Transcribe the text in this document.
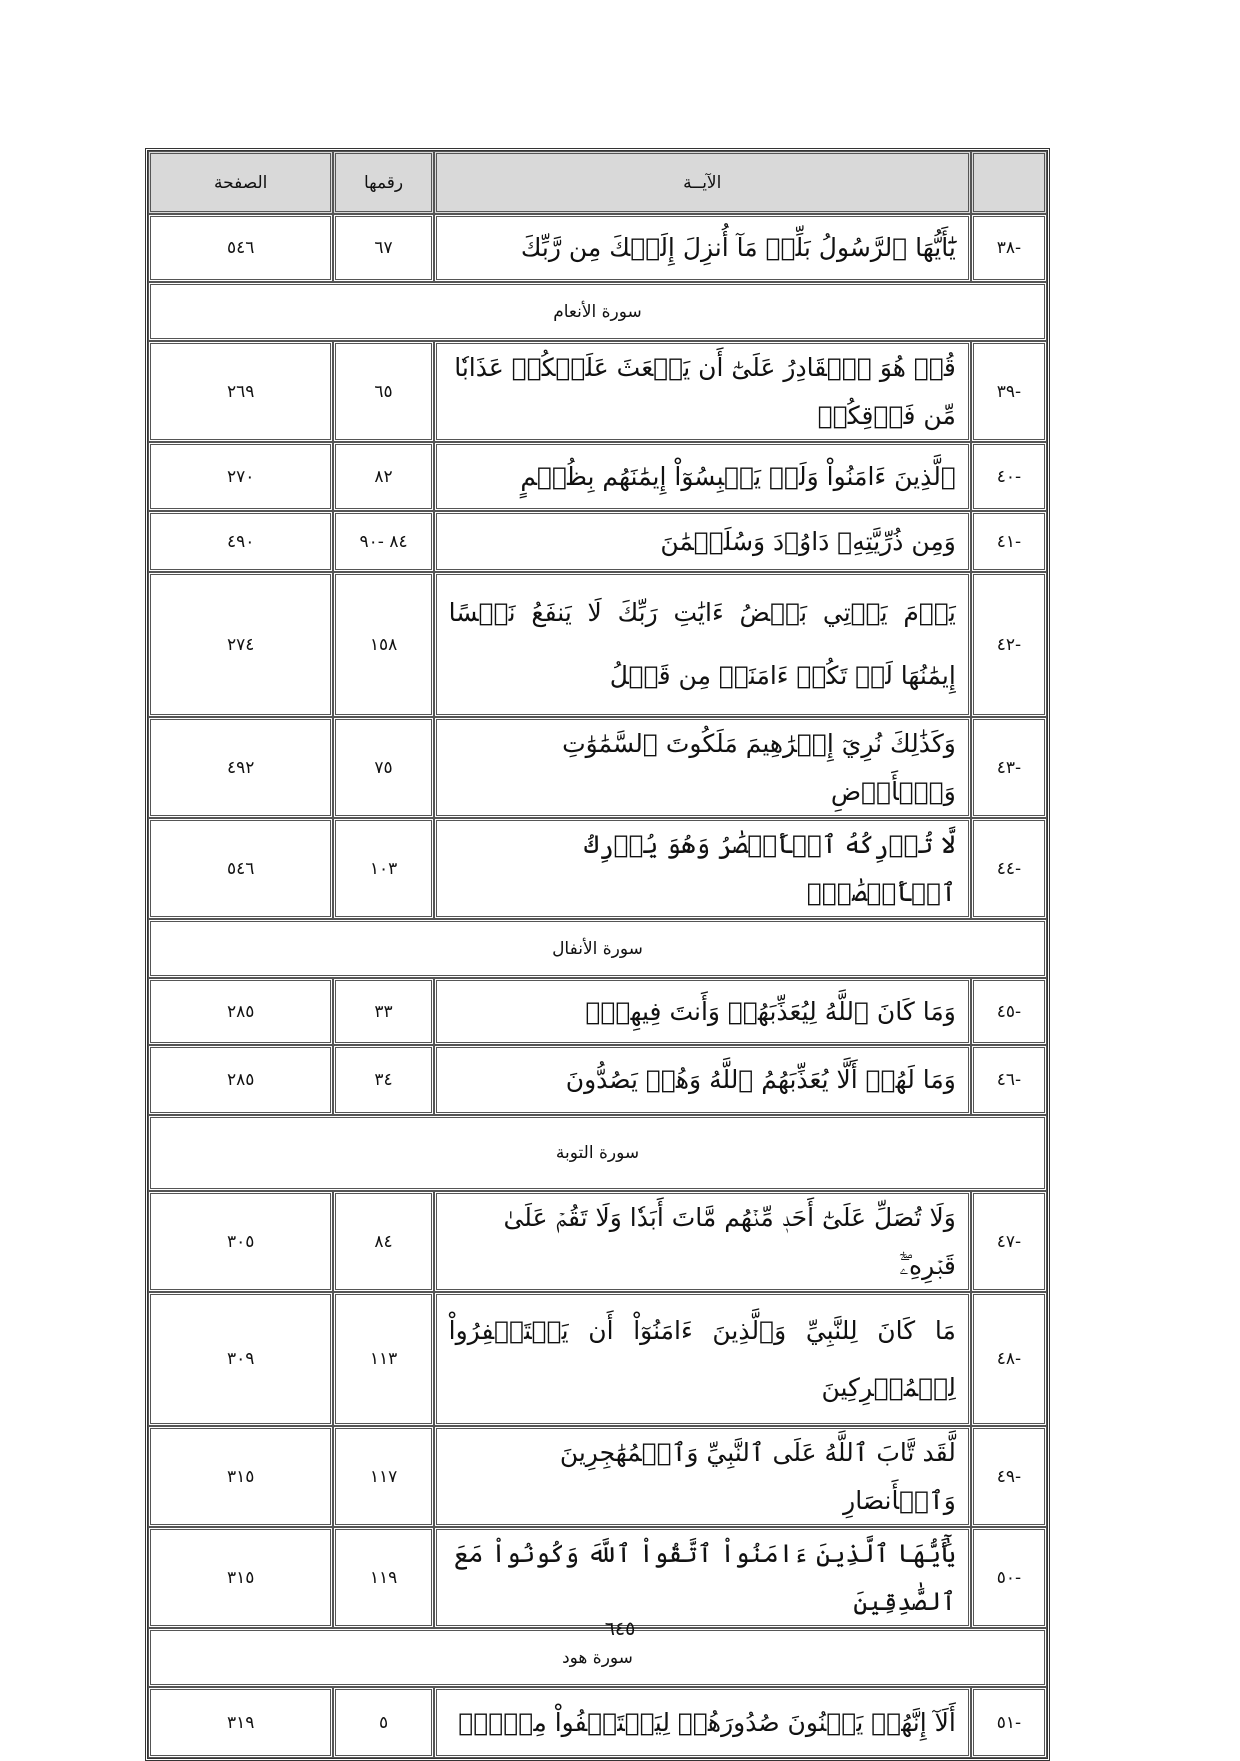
	الآيــة	رقمها	الصفحة
-٣٨	يَٰٓأَيُّهَا ٱلرَّسُولُ بَلِّغۡ مَآ أُنزِلَ إِلَيۡكَ مِن رَّبِّكَ	٦٧	٥٤٦
سورة الأنعام			
-٣٩	قُلۡ هُوَ ٱلۡقَادِرُ عَلَىٰٓ أَن يَبۡعَثَ عَلَيۡكُمۡ عَذَابٗا مِّن فَوۡقِكُمۡ	٦٥	٢٦٩
-٤٠	ٱلَّذِينَ ءَامَنُواْ وَلَمۡ يَلۡبِسُوٓاْ إِيمَٰنَهُم بِظُلۡمٍ	٨٢	٢٧٠
-٤١	وَمِن ذُرِّيَّتِهِۦ دَاوُۥدَ وَسُلَيۡمَٰنَ	٨٤ -٩٠	٤٩٠
-٤٢	يَوۡمَ يَأۡتِي بَعۡضُ ءَايَٰتِ رَبِّكَ لَا يَنفَعُ نَفۡسًا إِيمَٰنُهَا لَمۡ تَكُنۡ ءَامَنَتۡ مِن قَبۡلُ	١٥٨	٢٧٤
-٤٣	وَكَذَٰلِكَ نُرِيٓ إِبۡرَٰهِيمَ مَلَكُوتَ ٱلسَّمَٰوَٰتِ وَٱلۡأَرۡضِ	٧٥	٤٩٢
-٤٤	لَّا تُدۡرِكُهُ ٱلۡأَبۡصَٰرُ وَهُوَ يُدۡرِكُ ٱلۡأَبۡصَٰرَۖ	١٠٣	٥٤٦
سورة الأنفال			
-٤٥	وَمَا كَانَ ٱللَّهُ لِيُعَذِّبَهُمۡ وَأَنتَ فِيهِمۡۚ	٣٣	٢٨٥
-٤٦	وَمَا لَهُمۡ أَلَّا يُعَذِّبَهُمُ ٱللَّهُ وَهُمۡ يَصُدُّونَ	٣٤	٢٨٥
سورة التوبة			
-٤٧	وَلَا تُصَلِّ عَلَىٰٓ أَحَدٖ مِّنۡهُم مَّاتَ أَبَدٗا وَلَا تَقُمۡ عَلَىٰ قَبۡرِهِۦٓۖ	٨٤	٣٠٥
-٤٨	مَا كَانَ لِلنَّبِيِّ وَٱلَّذِينَ ءَامَنُوٓاْ أَن يَسۡتَغۡفِرُواْ لِلۡمُشۡرِكِينَ	١١٣	٣٠٩
-٤٩	لَّقَد تَّابَ ٱللَّهُ عَلَى ٱلنَّبِيِّ وَٱلۡمُهَٰجِرِينَ وَٱلۡأَنصَارِ	١١٧	٣١٥
-٥٠	يَٰٓأَيُّهَا ٱلَّذِينَ ءَامَنُواْ ٱتَّقُواْ ٱللَّهَ وَكُونُواْ مَعَ ٱلصَّٰدِقِينَ	١١٩	٣١٥
سورة هود			
-٥١	أَلَآ إِنَّهُمۡ يَثۡنُونَ صُدُورَهُمۡ لِيَسۡتَخۡفُواْ مِنۡهُۚ	٥	٣١٩
٦٤٥
